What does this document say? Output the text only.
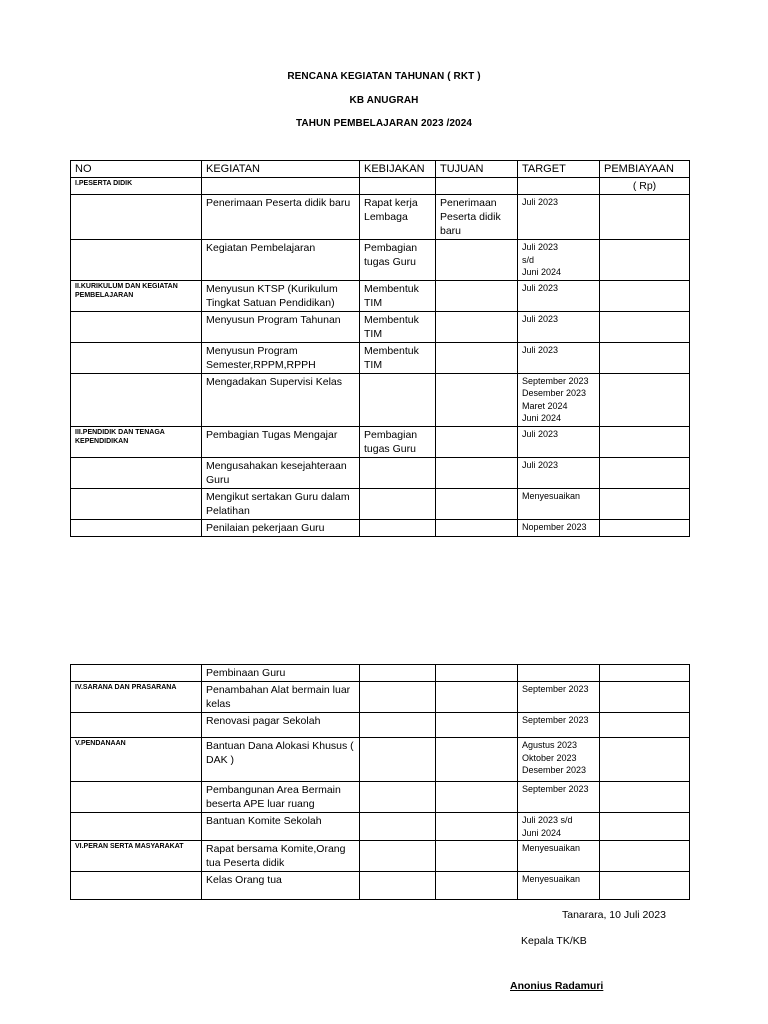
RENCANA KEGIATAN TAHUNAN ( RKT )
KB ANUGRAH
TAHUN PEMBELAJARAN 2023 /2024
NO	KEGIATAN	KEBIJAKAN	TUJUAN	TARGET	PEMBIAYAAN
I.PESERTA DIDIK					( Rp)
	Penerimaan Peserta didik baru	Rapat kerja Lembaga	Penerimaan Peserta didik baru	Juli 2023	
	Kegiatan Pembelajaran	Pembagian tugas Guru		Juli 2023
s/d
Juni 2024	
II.KURIKULUM DAN KEGIATAN PEMBELAJARAN	Menyusun KTSP (Kurikulum Tingkat Satuan Pendidikan)	Membentuk TIM		Juli 2023	
	Menyusun Program Tahunan	Membentuk TIM		Juli 2023	
	Menyusun Program Semester,RPPM,RPPH	Membentuk TIM		Juli 2023	
	Mengadakan Supervisi Kelas			September 2023
Desember 2023
Maret 2024
Juni 2024	
III.PENDIDIK DAN TENAGA KEPENDIDIKAN	Pembagian Tugas Mengajar	Pembagian tugas Guru		Juli 2023	
	Mengusahakan kesejahteraan Guru			Juli 2023	
	Mengikut sertakan Guru dalam Pelatihan			Menyesuaikan	
	Penilaian pekerjaan Guru			Nopember 2023	
	Pembinaan Guru				
IV.SARANA DAN PRASARANA	Penambahan Alat bermain luar kelas			September 2023	
	Renovasi pagar Sekolah			September 2023	
V.PENDANAAN	Bantuan Dana Alokasi Khusus ( DAK )			Agustus 2023
Oktober 2023
Desember 2023	
	Pembangunan Area Bermain beserta APE luar ruang			September 2023	
	Bantuan Komite Sekolah			Juli 2023 s/d
Juni 2024	
VI.PERAN SERTA MASYARAKAT	Rapat bersama Komite,Orang tua Peserta didik			Menyesuaikan	
	Kelas Orang tua			Menyesuaikan	
Tanarara, 10 Juli 2023
Kepala TK/KB
Anonius Radamuri
